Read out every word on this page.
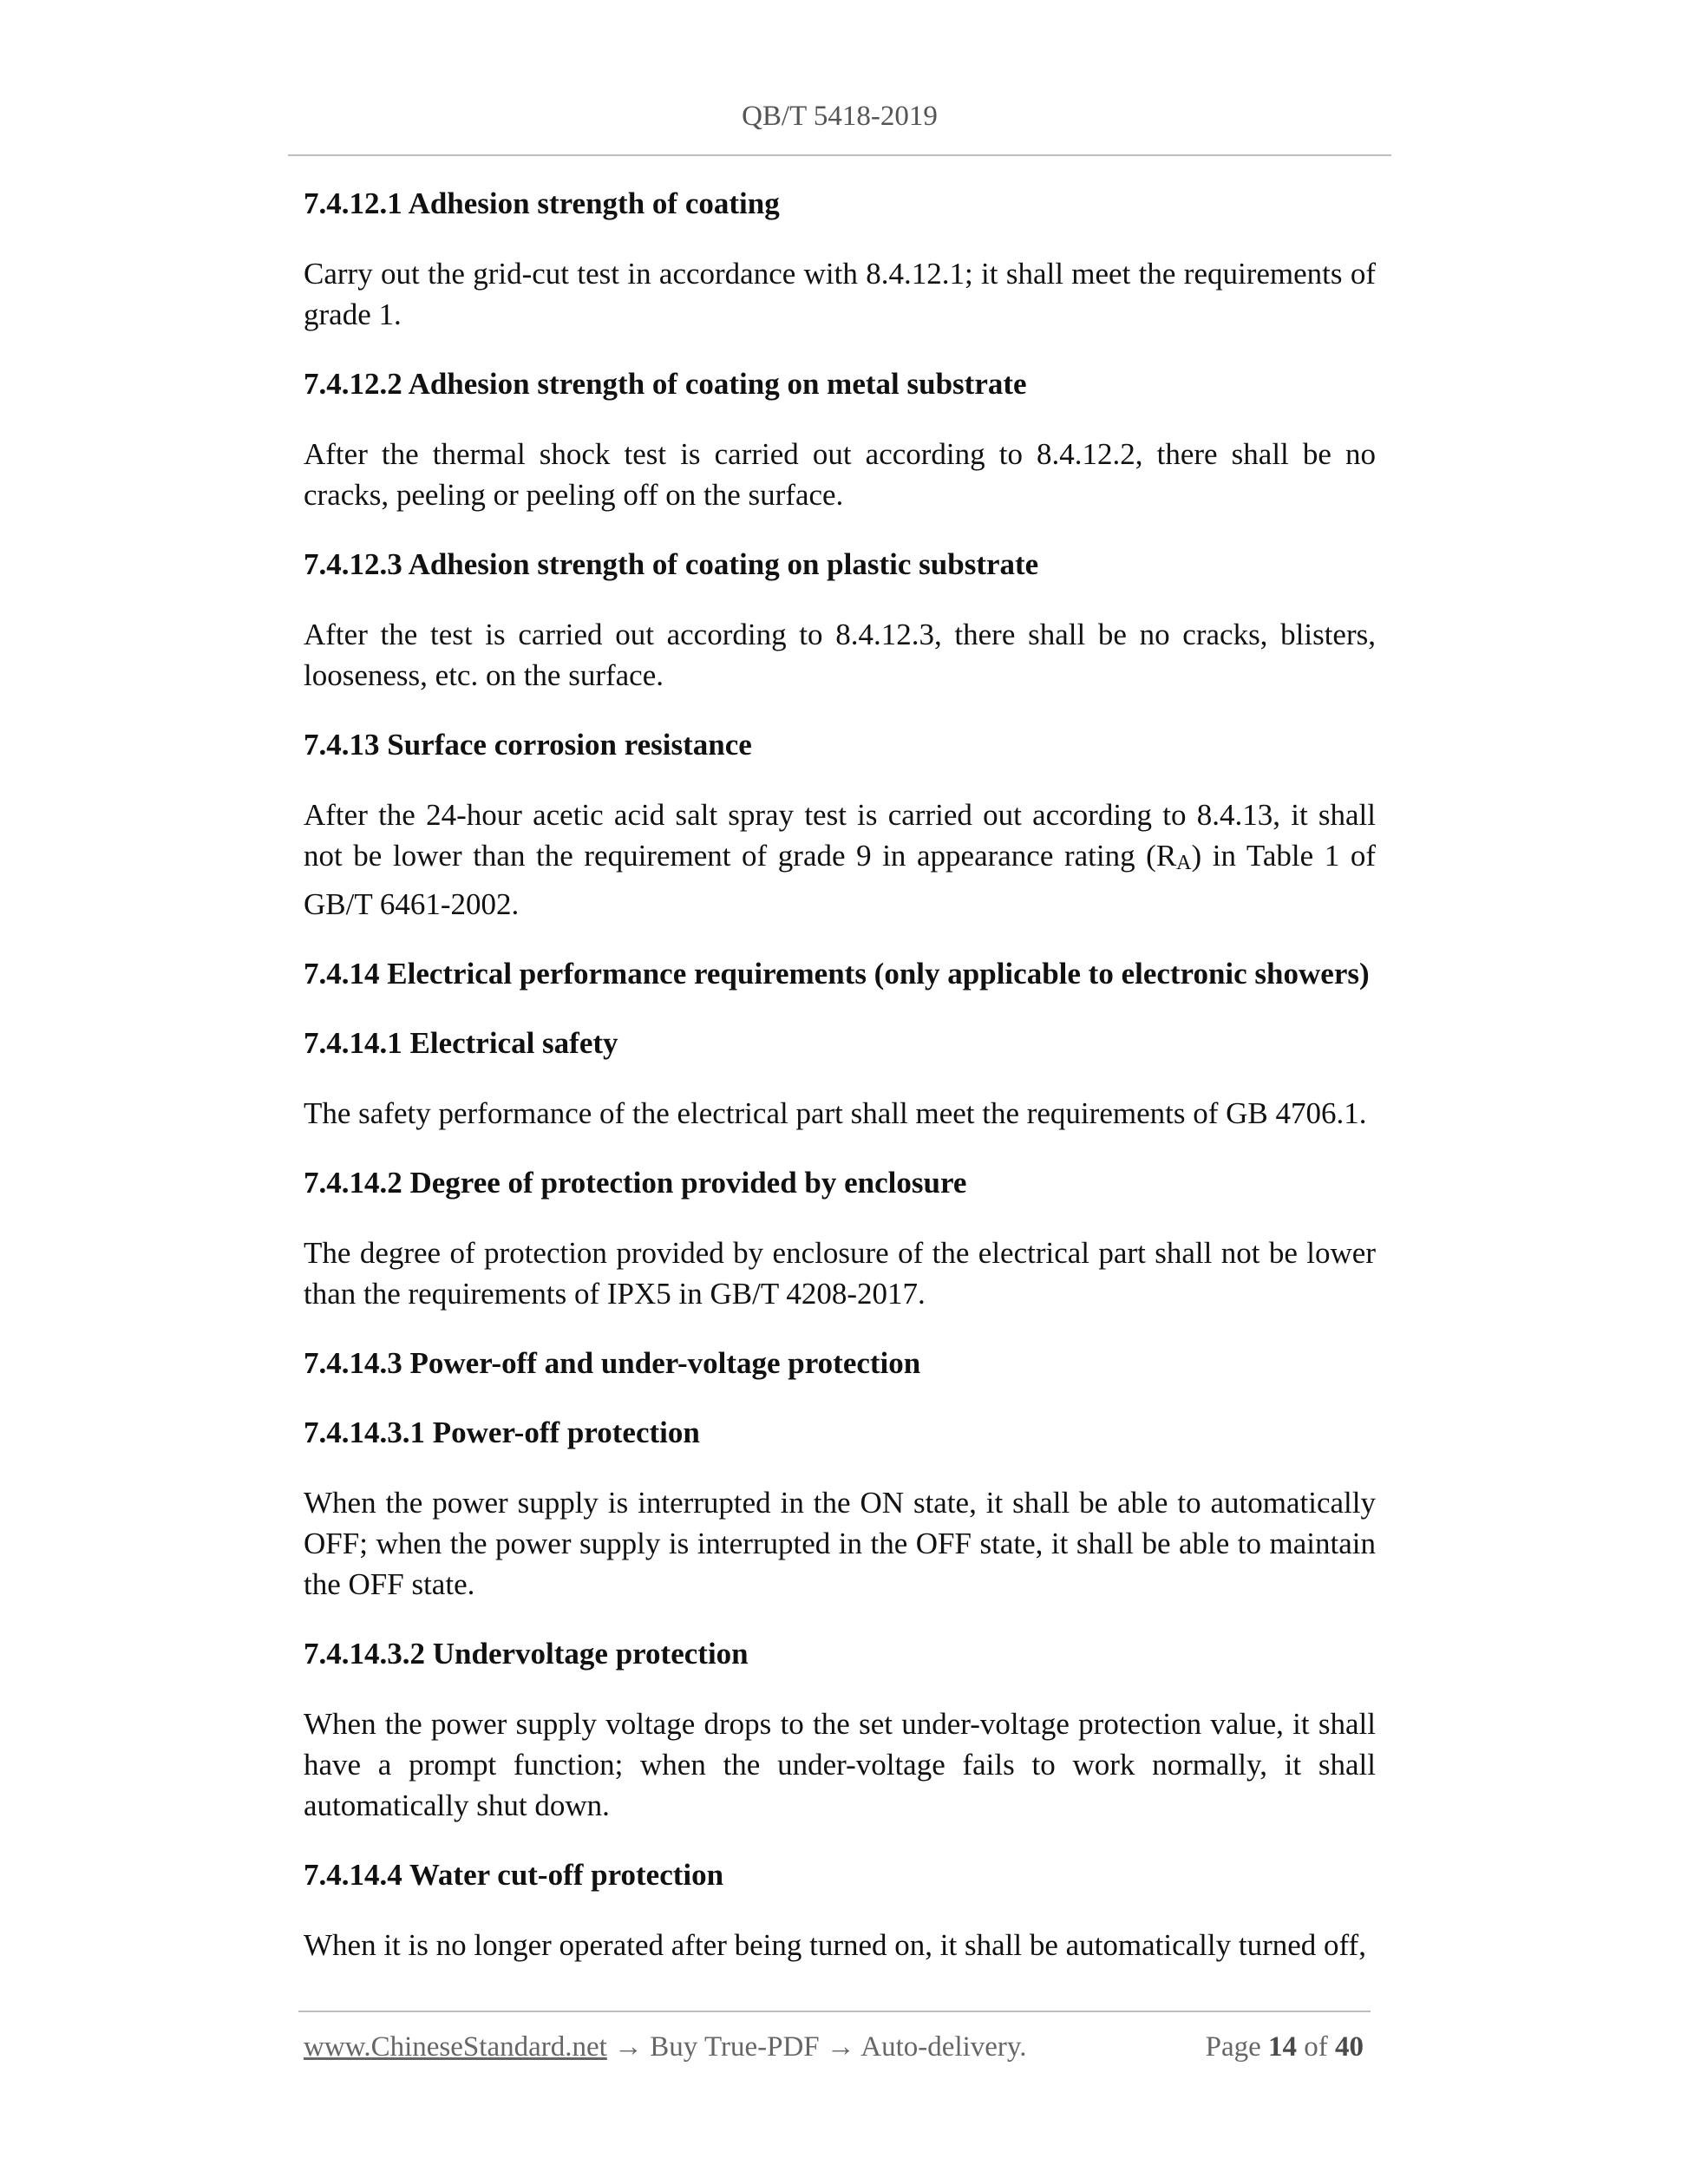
QB/T 5418-2019
7.4.12.1 Adhesion strength of coating
Carry out the grid-cut test in accordance with 8.4.12.1; it shall meet the requirements of grade 1.
7.4.12.2 Adhesion strength of coating on metal substrate
After the thermal shock test is carried out according to 8.4.12.2, there shall be no cracks, peeling or peeling off on the surface.
7.4.12.3 Adhesion strength of coating on plastic substrate
After the test is carried out according to 8.4.12.3, there shall be no cracks, blisters, looseness, etc. on the surface.
7.4.13 Surface corrosion resistance
After the 24-hour acetic acid salt spray test is carried out according to 8.4.13, it shall not be lower than the requirement of grade 9 in appearance rating (RA) in Table 1 of GB/T 6461-2002.
7.4.14 Electrical performance requirements (only applicable to electronic showers)
7.4.14.1 Electrical safety
The safety performance of the electrical part shall meet the requirements of GB 4706.1.
7.4.14.2 Degree of protection provided by enclosure
The degree of protection provided by enclosure of the electrical part shall not be lower than the requirements of IPX5 in GB/T 4208-2017.
7.4.14.3 Power-off and under-voltage protection
7.4.14.3.1 Power-off protection
When the power supply is interrupted in the ON state, it shall be able to automatically OFF; when the power supply is interrupted in the OFF state, it shall be able to maintain the OFF state.
7.4.14.3.2 Undervoltage protection
When the power supply voltage drops to the set under-voltage protection value, it shall have a prompt function; when the under-voltage fails to work normally, it shall automatically shut down.
7.4.14.4 Water cut-off protection
When it is no longer operated after being turned on, it shall be automatically turned off,
www.ChineseStandard.net → Buy True-PDF → Auto-delivery.	Page 14 of 40
